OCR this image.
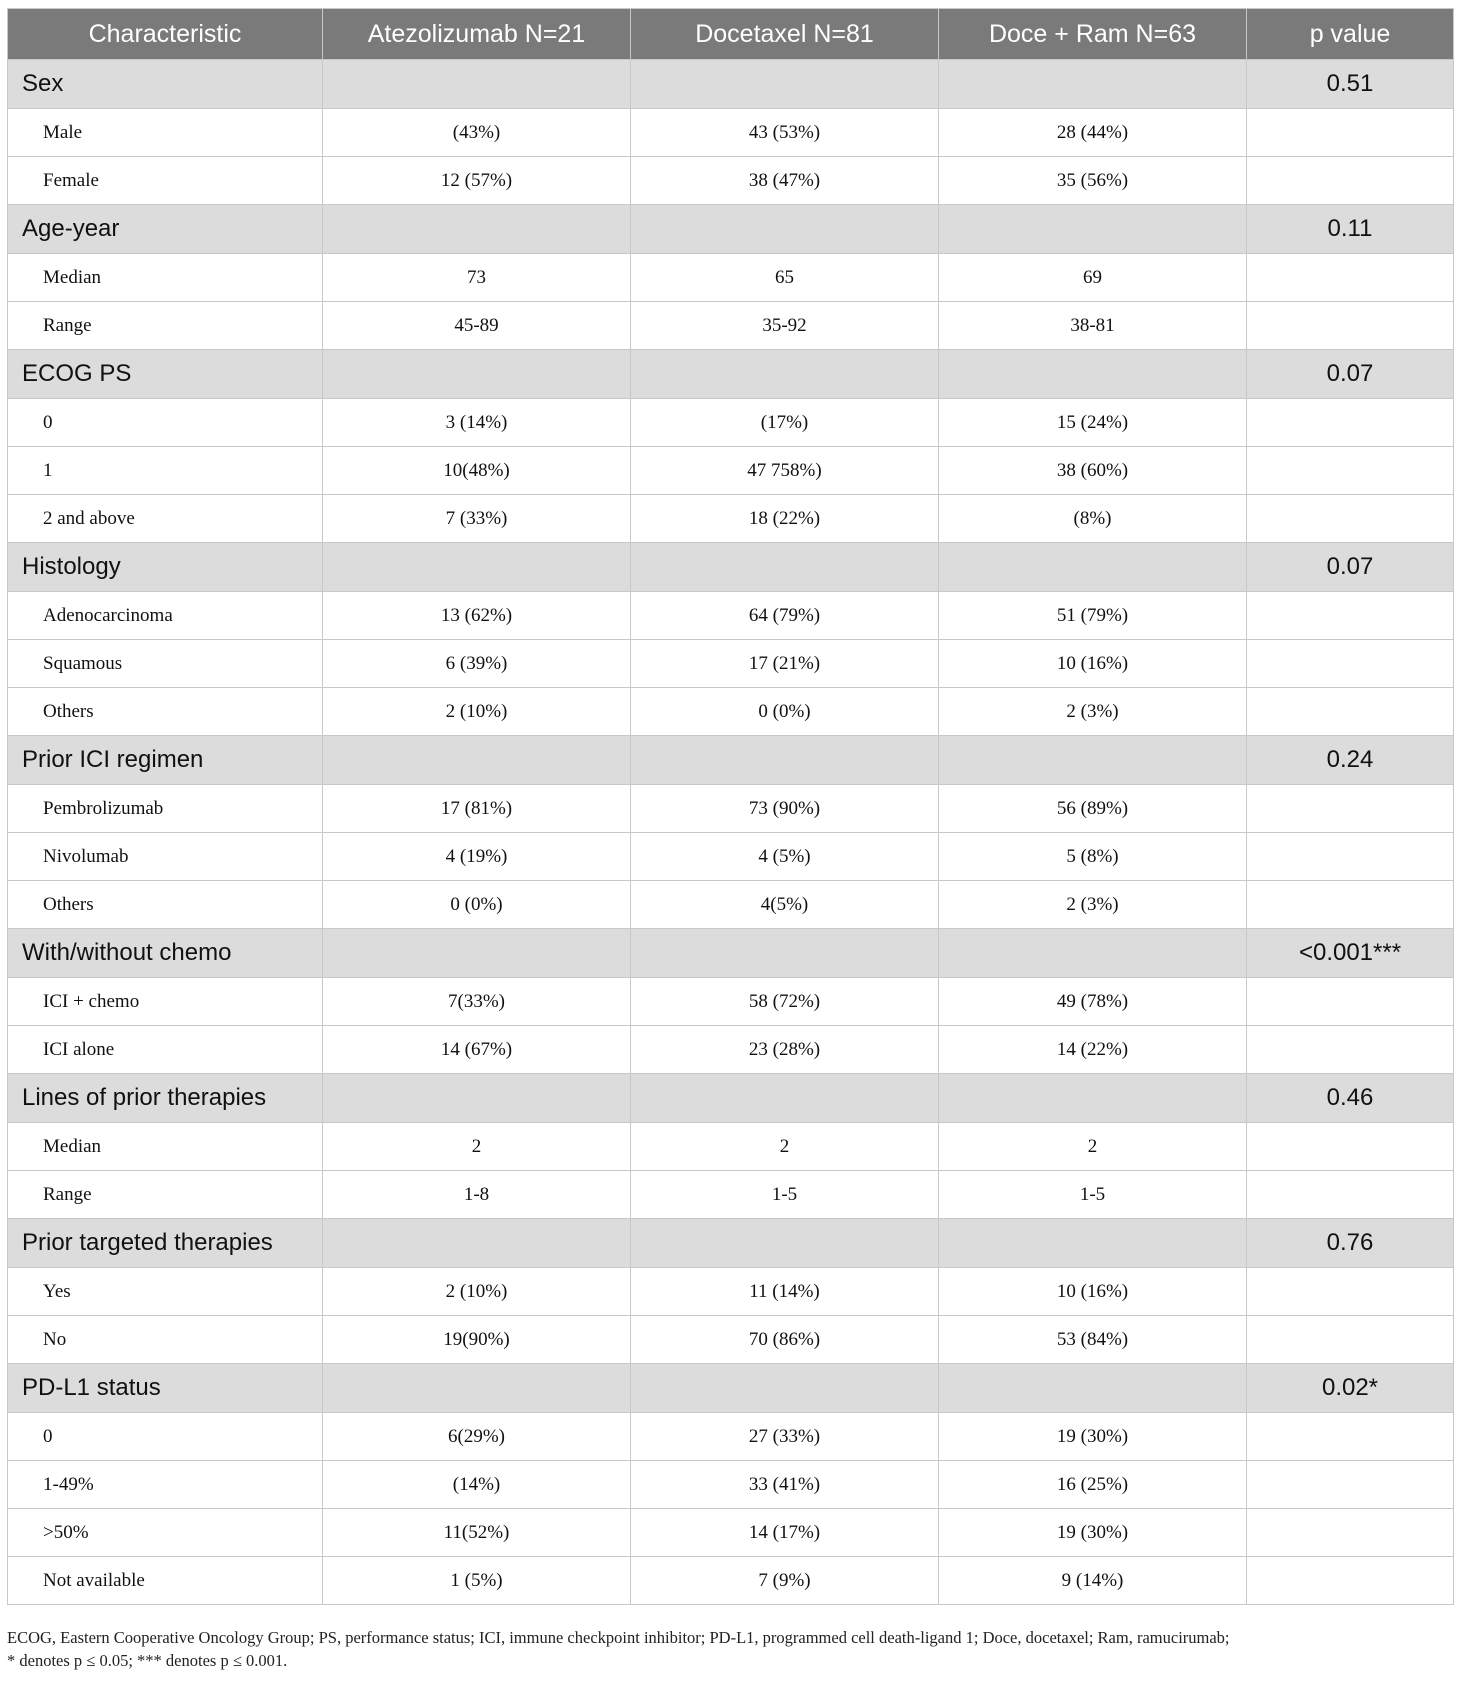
Characteristic	Atezolizumab N=21	Docetaxel N=81	Doce + Ram N=63	p value
Sex				0.51
Male	(43%)	43 (53%)	28 (44%)	
Female	12 (57%)	38 (47%)	35 (56%)	
Age-year				0.11
Median	73	65	69	
Range	45-89	35-92	38-81	
ECOG PS				0.07
0	3 (14%)	(17%)	15 (24%)	
1	10(48%)	47 758%)	38 (60%)	
2 and above	7 (33%)	18 (22%)	(8%)	
Histology				0.07
Adenocarcinoma	13 (62%)	64 (79%)	51 (79%)	
Squamous	6 (39%)	17 (21%)	10 (16%)	
Others	2 (10%)	0 (0%)	2 (3%)	
Prior ICI regimen				0.24
Pembrolizumab	17 (81%)	73 (90%)	56 (89%)	
Nivolumab	4 (19%)	4 (5%)	5 (8%)	
Others	0 (0%)	4(5%)	2 (3%)	
With/without chemo				<0.001***
ICI + chemo	7(33%)	58 (72%)	49 (78%)	
ICI alone	14 (67%)	23 (28%)	14 (22%)	
Lines of prior therapies				0.46
Median	2	2	2	
Range	1-8	1-5	1-5	
Prior targeted therapies				0.76
Yes	2 (10%)	11 (14%)	10 (16%)	
No	19(90%)	70 (86%)	53 (84%)	
PD-L1 status				0.02*
0	6(29%)	27 (33%)	19 (30%)	
1-49%	(14%)	33 (41%)	16 (25%)	
>50%	11(52%)	14 (17%)	19 (30%)	
Not available	1 (5%)	7 (9%)	9 (14%)	

ECOG, Eastern Cooperative Oncology Group; PS, performance status; ICI, immune checkpoint inhibitor; PD-L1, programmed cell death-ligand 1; Doce, docetaxel; Ram, ramucirumab;
* denotes p ≤ 0.05; *** denotes p ≤ 0.001.
